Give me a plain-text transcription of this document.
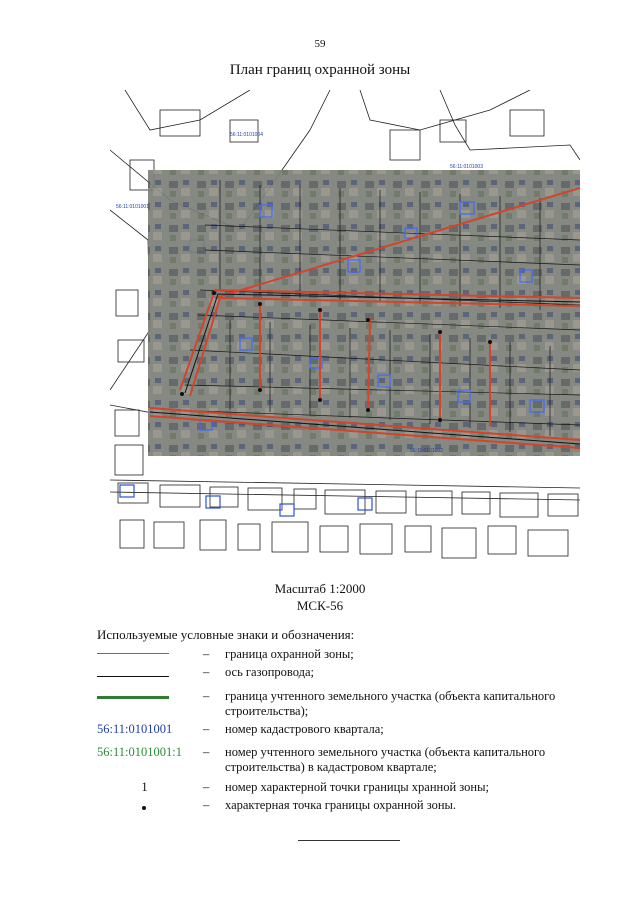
59
План границ охранной зоны
56:11:0101001
56:11:0101002
56:11:0101003
56:11:0101004
Масштаб 1:2000
МСК-56
Используемые условные знаки и обозначения:
– граница охранной зоны;
– ось газопровода;
– граница учтенного земельного участка (объекта капитального строительства);
56:11:0101001	– номер кадастрового квартала;
56:11:0101001:1	– номер учтенного земельного участка (объекта капитального строительства) в кадастровом квартале;
1	– номер характерной точки границы хранной зоны;
– характерная точка границы охранной зоны.
